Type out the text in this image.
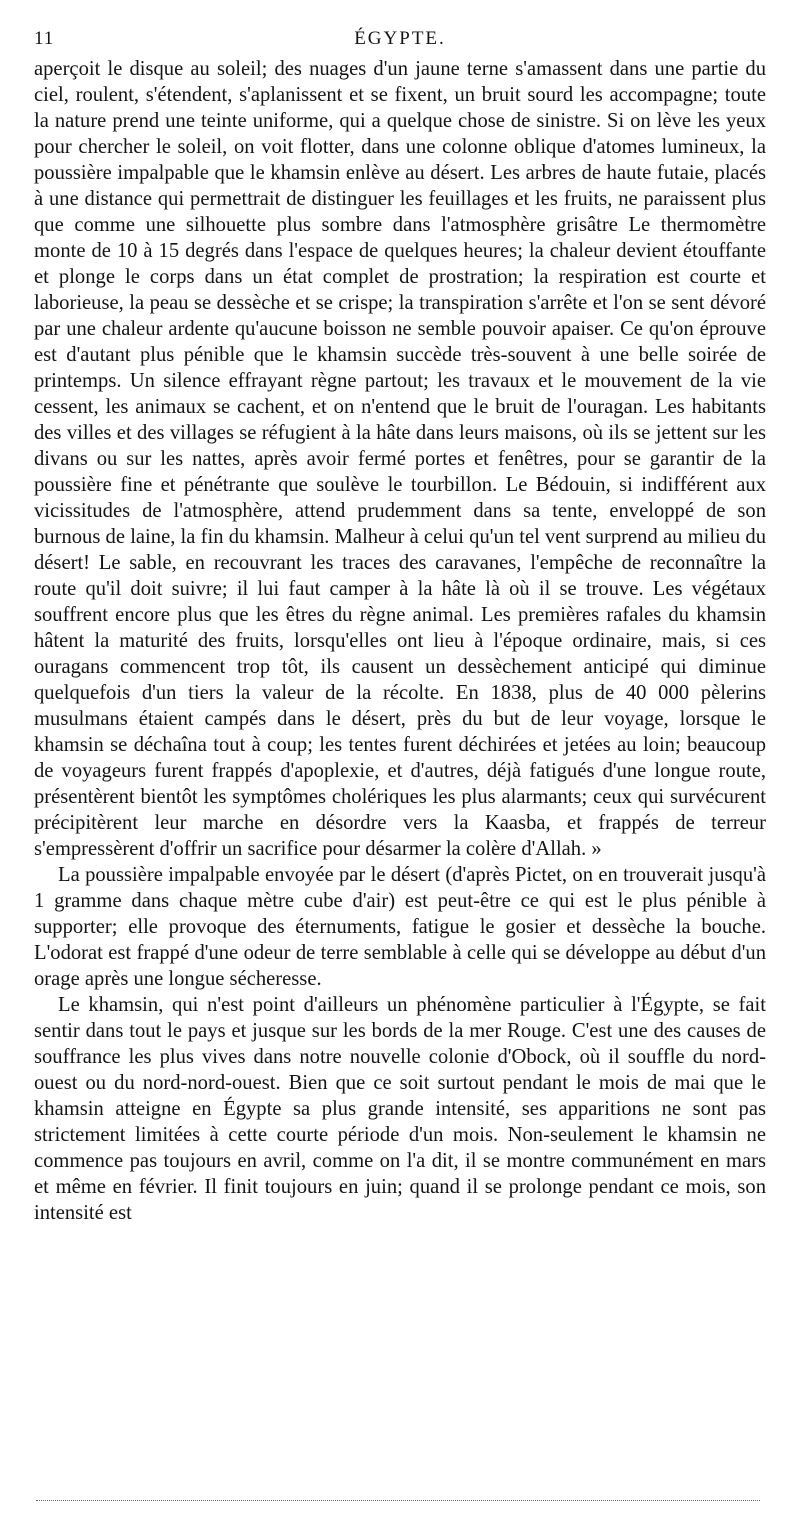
11	ÉGYPTE.

aperçoit le disque au soleil; des nuages d'un jaune terne s'amassent dans une partie du ciel, roulent, s'étendent, s'aplanissent et se fixent, un bruit sourd les accompagne; toute la nature prend une teinte uniforme, qui a quelque chose de sinistre. Si on lève les yeux pour chercher le soleil, on voit flotter, dans une colonne oblique d'atomes lumineux, la poussière impalpable que le khamsin enlève au désert. Les arbres de haute futaie, placés à une distance qui permettrait de distinguer les feuillages et les fruits, ne paraissent plus que comme une silhouette plus sombre dans l'atmosphère grisâtre Le thermomètre monte de 10 à 15 degrés dans l'espace de quelques heures; la chaleur devient étouffante et plonge le corps dans un état complet de prostration; la respiration est courte et laborieuse, la peau se dessèche et se crispe; la transpiration s'arrête et l'on se sent dévoré par une chaleur ardente qu'aucune boisson ne semble pouvoir apaiser. Ce qu'on éprouve est d'autant plus pénible que le khamsin succède très-souvent à une belle soirée de printemps. Un silence effrayant règne partout; les travaux et le mouvement de la vie cessent, les animaux se cachent, et on n'entend que le bruit de l'ouragan. Les habitants des villes et des villages se réfugient à la hâte dans leurs maisons, où ils se jettent sur les divans ou sur les nattes, après avoir fermé portes et fenêtres, pour se garantir de la poussière fine et pénétrante que soulève le tourbillon. Le Bédouin, si indifférent aux vicissitudes de l'atmosphère, attend prudemment dans sa tente, enveloppé de son burnous de laine, la fin du khamsin. Malheur à celui qu'un tel vent surprend au milieu du désert! Le sable, en recouvrant les traces des caravanes, l'empêche de reconnaître la route qu'il doit suivre; il lui faut camper à la hâte là où il se trouve. Les végétaux souffrent encore plus que les êtres du règne animal. Les premières rafales du khamsin hâtent la maturité des fruits, lorsqu'elles ont lieu à l'époque ordinaire, mais, si ces ouragans commencent trop tôt, ils causent un dessèchement anticipé qui diminue quelquefois d'un tiers la valeur de la récolte. En 1838, plus de 40 000 pèlerins musulmans étaient campés dans le désert, près du but de leur voyage, lorsque le khamsin se déchaîna tout à coup; les tentes furent déchirées et jetées au loin; beaucoup de voyageurs furent frappés d'apoplexie, et d'autres, déjà fatigués d'une longue route, présentèrent bientôt les symptômes cholériques les plus alarmants; ceux qui survécurent précipitèrent leur marche en désordre vers la Kaasba, et frappés de terreur s'empressèrent d'offrir un sacrifice pour désarmer la colère d'Allah. »

La poussière impalpable envoyée par le désert (d'après Pictet, on en trouverait jusqu'à 1 gramme dans chaque mètre cube d'air) est peut-être ce qui est le plus pénible à supporter; elle provoque des éternuments, fatigue le gosier et dessèche la bouche. L'odorat est frappé d'une odeur de terre semblable à celle qui se développe au début d'un orage après une longue sécheresse.

Le khamsin, qui n'est point d'ailleurs un phénomène particulier à l'Égypte, se fait sentir dans tout le pays et jusque sur les bords de la mer Rouge. C'est une des causes de souffrance les plus vives dans notre nouvelle colonie d'Obock, où il souffle du nord-ouest ou du nord-nord-ouest. Bien que ce soit surtout pendant le mois de mai que le khamsin atteigne en Égypte sa plus grande intensité, ses apparitions ne sont pas strictement limitées à cette courte période d'un mois. Non-seulement le khamsin ne commence pas toujours en avril, comme on l'a dit, il se montre communément en mars et même en février. Il finit toujours en juin; quand il se prolonge pendant ce mois, son intensité est
